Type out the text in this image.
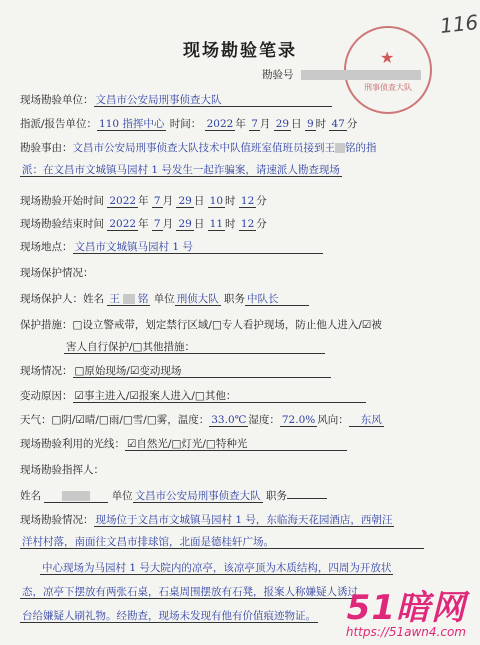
116
★
刑事侦查大队
现场勘验笔录
勘验号
现场勘验单位： 文昌市公安局刑事侦查大队
指派/报告单位： 110 指挥中心 时间： 2022 年 7 月 29 日 9 时 47 分
勘验事由：文昌市公安局刑事侦查大队技术中队值班室值班员接到王 铭的指
派：在文昌市文城镇马园村 1 号发生一起诈骗案，请速派人勘查现场
现场勘验开始时间 2022 年 7 月 29 日 10 时 12 分
现场勘验结束时间 2022 年 7 月 29 日 11 时 12 分
现场地点： 文昌市文城镇马园村 1 号
现场保护情况：
现场保护人：姓名 王 铭 单位 刑侦大队 职务 中队长
保护措施：□设立警戒带，划定禁行区域/□专人看护现场，防止他人进入/☑被
害人自行保护/□其他措施：
现场情况： □原始现场/☑变动现场
变动原因： ☑事主进入/☑报案人进入/□其他：
天气：□阴/☑晴/□雨/□雪/□雾，温度： 33.0℃ 湿度： 72.0% 风向： 东风
现场勘验利用的光线： ☑自然光/□灯光/□特种光
现场勘验指挥人：
姓名	单位 文昌市公安局刑事侦查大队 职务
现场勘验情况： 现场位于文昌市文城镇马园村 1 号，东临海天花园酒店，西朝汪
洋村村落，南面往文昌市排球馆，北面是德桂轩广场。
中心现场为马园村 1 号大院内的凉亭，该凉亭顶为木质结构，四周为开放状
态，凉亭下摆放有两张石桌，石桌周围摆放有石凳，报案人称嫌疑人诱过
台给嫌疑人刷礼物。经勘查，现场未发现有他有价值痕迹物证。 51暗网
https://51awn4.com
